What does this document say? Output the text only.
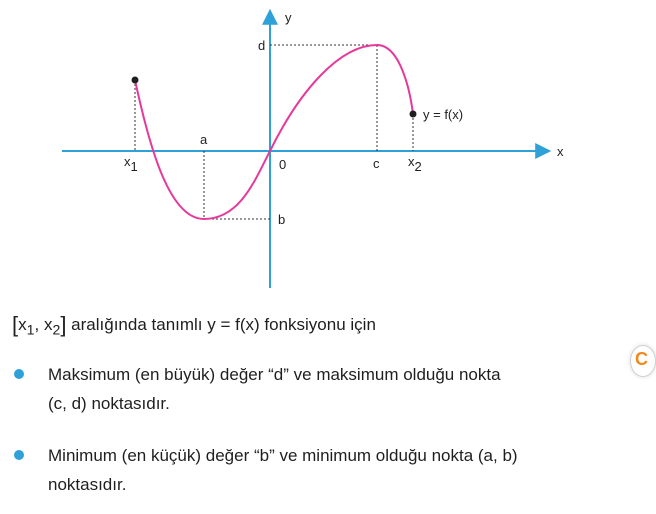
y
x
0
d
a
b
c
y = f(x)
x1	x2
[$x_1$, $x_2$] aralığında tanımlı y = f(x) fonksiyonu için
Maksimum (en büyük) değer “d” ve maksimum olduğu nokta
(c, d) noktasıdır.
Minimum (en küçük) değer “b” ve minimum olduğu nokta (a, b)
noktasıdır.
C
